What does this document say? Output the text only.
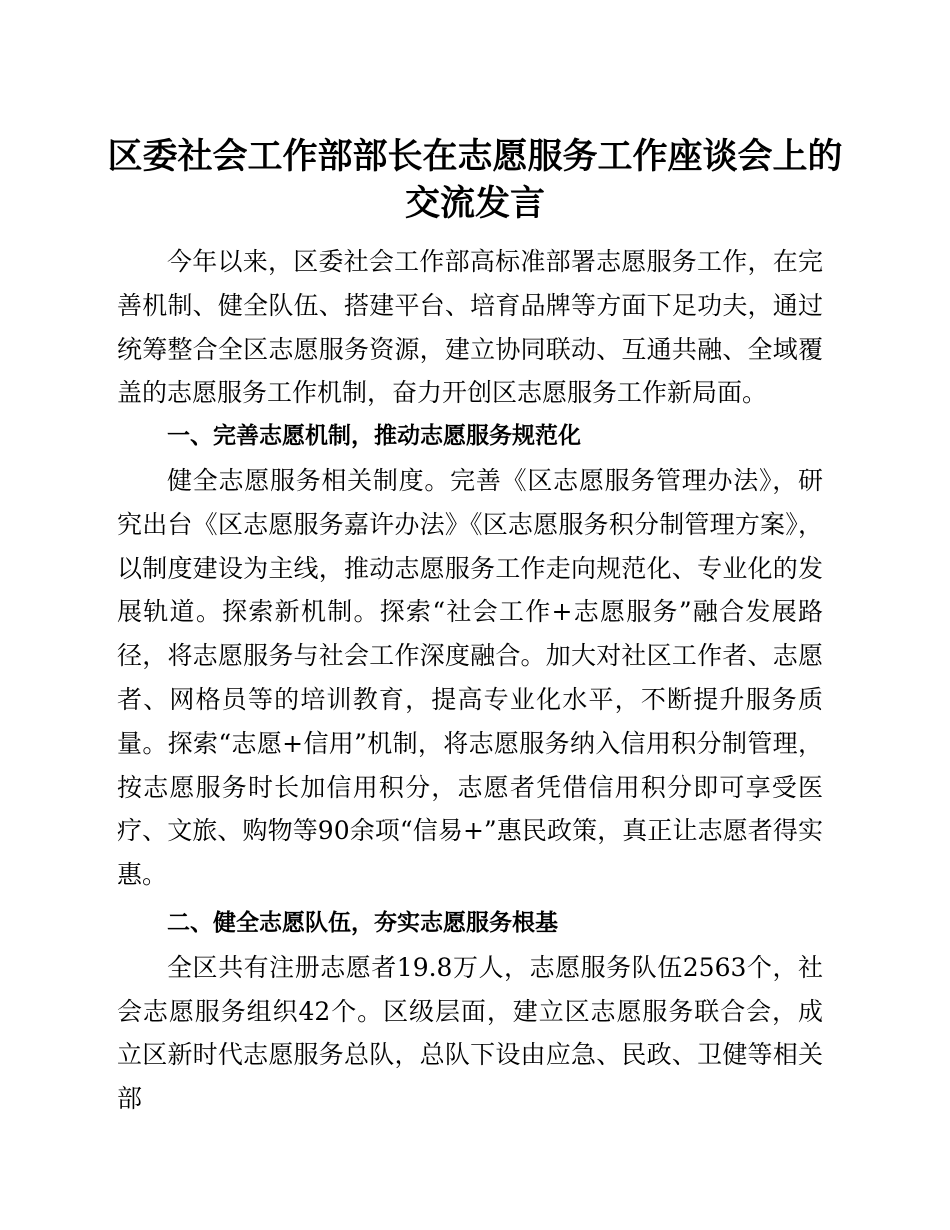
区委社会工作部部长在志愿服务工作座谈会上的交流发言

今年以来，区委社会工作部高标准部署志愿服务工作，在完善机制、健全队伍、搭建平台、培育品牌等方面下足功夫，通过统筹整合全区志愿服务资源，建立协同联动、互通共融、全域覆盖的志愿服务工作机制，奋力开创区志愿服务工作新局面。

一、完善志愿机制，推动志愿服务规范化

健全志愿服务相关制度。完善《区志愿服务管理办法》，研究出台《区志愿服务嘉许办法》《区志愿服务积分制管理方案》，以制度建设为主线，推动志愿服务工作走向规范化、专业化的发展轨道。探索新机制。探索“社会工作+志愿服务”融合发展路径，将志愿服务与社会工作深度融合。加大对社区工作者、志愿者、网格员等的培训教育，提高专业化水平，不断提升服务质量。探索“志愿+信用”机制，将志愿服务纳入信用积分制管理，按志愿服务时长加信用积分，志愿者凭借信用积分即可享受医疗、文旅、购物等90余项“信易+”惠民政策，真正让志愿者得实惠。

二、健全志愿队伍，夯实志愿服务根基

全区共有注册志愿者19.8万人，志愿服务队伍2563个，社会志愿服务组织42个。区级层面，建立区志愿服务联合会，成立区新时代志愿服务总队，总队下设由应急、民政、卫健等相关部
